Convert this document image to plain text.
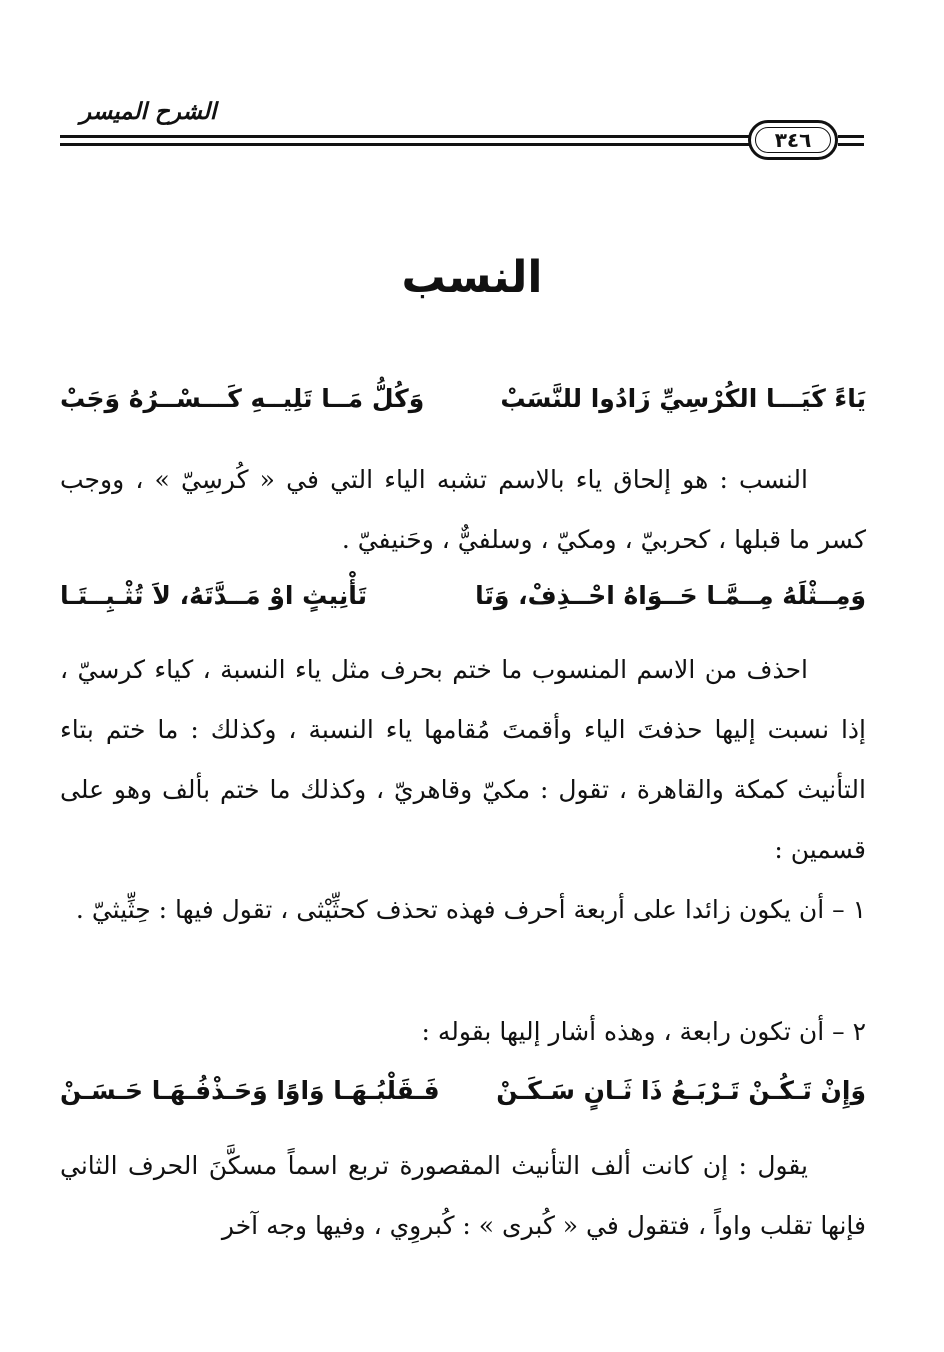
الشرح الميسر
٣٤٦
النسب
يَاءً كَيَـــا الكُرْسِيِّ زَادُوا للنَّسَبْ
وَكُلُّ مَــا تَلِيــهِ كَـــسْــرُهُ وَجَبْ
النسب : هو إلحاق ياء بالاسم تشبه الياء التي في « كُرسِيّ » ، ووجب كسر ما قبلها ، كحربيّ ، ومكيّ ، وسلفيٌّ ، وحَنيفيّ .
وَمِــثْلَهُ مِــمَّـا حَــوَاهُ احْــذِفْ، وَتَا
تَأْنِيثٍ اوْ مَــدَّتَهُ، لاَ تُثْـبِــتَـا
احذف من الاسم المنسوب ما ختم بحرف مثل ياء النسبة ، كياء كرسيّ ، إذا نسبت إليها حذفتَ الياء وأقمتَ مُقامها ياء النسبة ، وكذلك : ما ختم بتاء التأنيث كمكة والقاهرة ، تقول : مكيّ وقاهريّ ، وكذلك ما ختم بألف وهو على قسمين :
١ – أن يكون زائدا على أربعة أحرف فهذه تحذف كحثِّيْثى ، تقول فيها : حِثِّيثيّ .
٢ – أن تكون رابعة ، وهذه أشار إليها بقوله :
وَإِنْ تَـكُـنْ تَـرْبَـعُ ذَا ثَـانٍ سَـكَـنْ
فَـقَلْبُـهَـا وَاوًا وَحَـذْفُـهَـا حَـسَـنْ
يقول : إن كانت ألف التأنيث المقصورة تربع اسماً مسكَّنَ الحرف الثاني فإنها تقلب واواً ، فتقول في « كُبرى » : كُبروِي ، وفيها وجه آخر
